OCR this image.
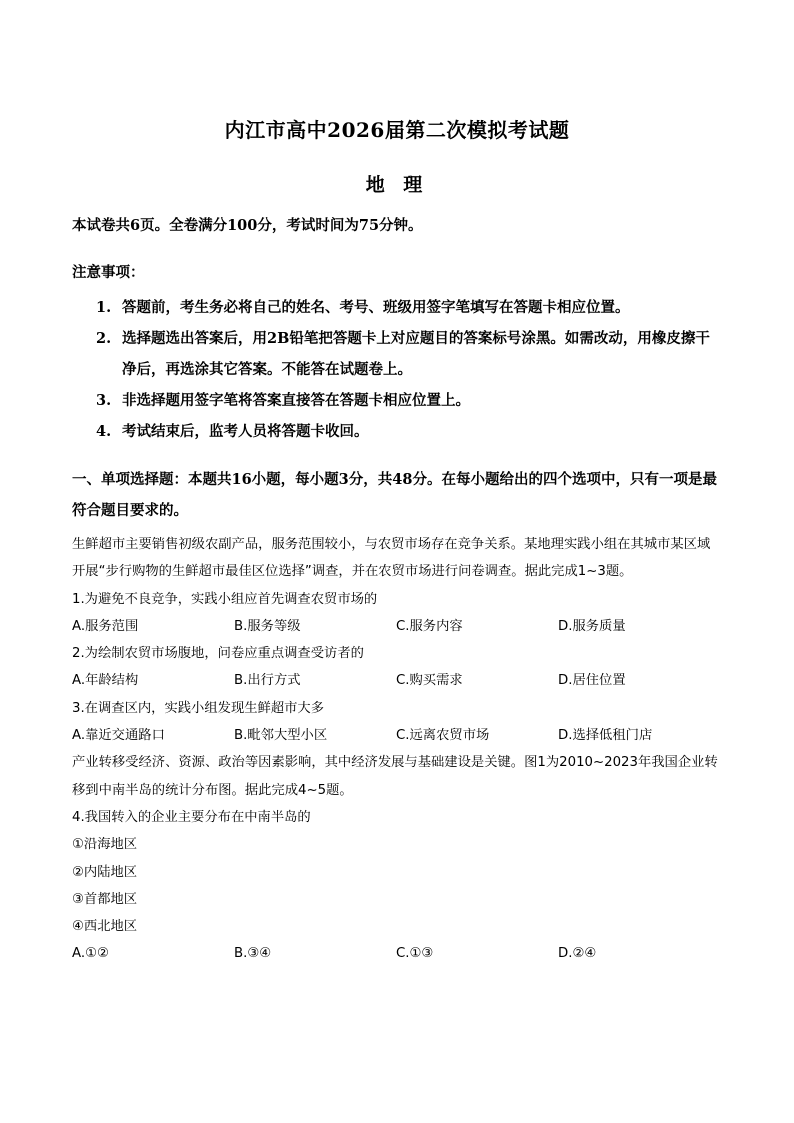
内江市高中2026届第二次模拟考试题
地 理
本试卷共6页。全卷满分100分，考试时间为75分钟。
注意事项：
1. 答题前，考生务必将自己的姓名、考号、班级用签字笔填写在答题卡相应位置。
2. 选择题选出答案后，用2B铅笔把答题卡上对应题目的答案标号涂黑。如需改动，用橡皮擦干净后，再选涂其它答案。不能答在试题卷上。
3. 非选择题用签字笔将答案直接答在答题卡相应位置上。
4. 考试结束后，监考人员将答题卡收回。
一、单项选择题：本题共16小题，每小题3分，共48分。在每小题给出的四个选项中，只有一项是最符合题目要求的。

生鲜超市主要销售初级农副产品，服务范围较小，与农贸市场存在竞争关系。某地理实践小组在其城市某区域开展“步行购物的生鲜超市最佳区位选择”调查，并在农贸市场进行问卷调查。据此完成1~3题。

1.为避免不良竞争，实践小组应首先调查农贸市场的

A.服务范围	B.服务等级	C.服务内容	D.服务质量

2.为绘制农贸市场腹地，问卷应重点调查受访者的

A.年龄结构	B.出行方式	C.购买需求	D.居住位置

3.在调查区内，实践小组发现生鲜超市大多

A.靠近交通路口	B.毗邻大型小区	C.远离农贸市场	D.选择低租门店

产业转移受经济、资源、政治等因素影响，其中经济发展与基础建设是关键。图1为2010~2023年我国企业转移到中南半岛的统计分布图。据此完成4~5题。

4.我国转入的企业主要分布在中南半岛的

①沿海地区

②内陆地区

③首都地区

④西北地区

A.①②	B.③④	C.①③	D.②④
